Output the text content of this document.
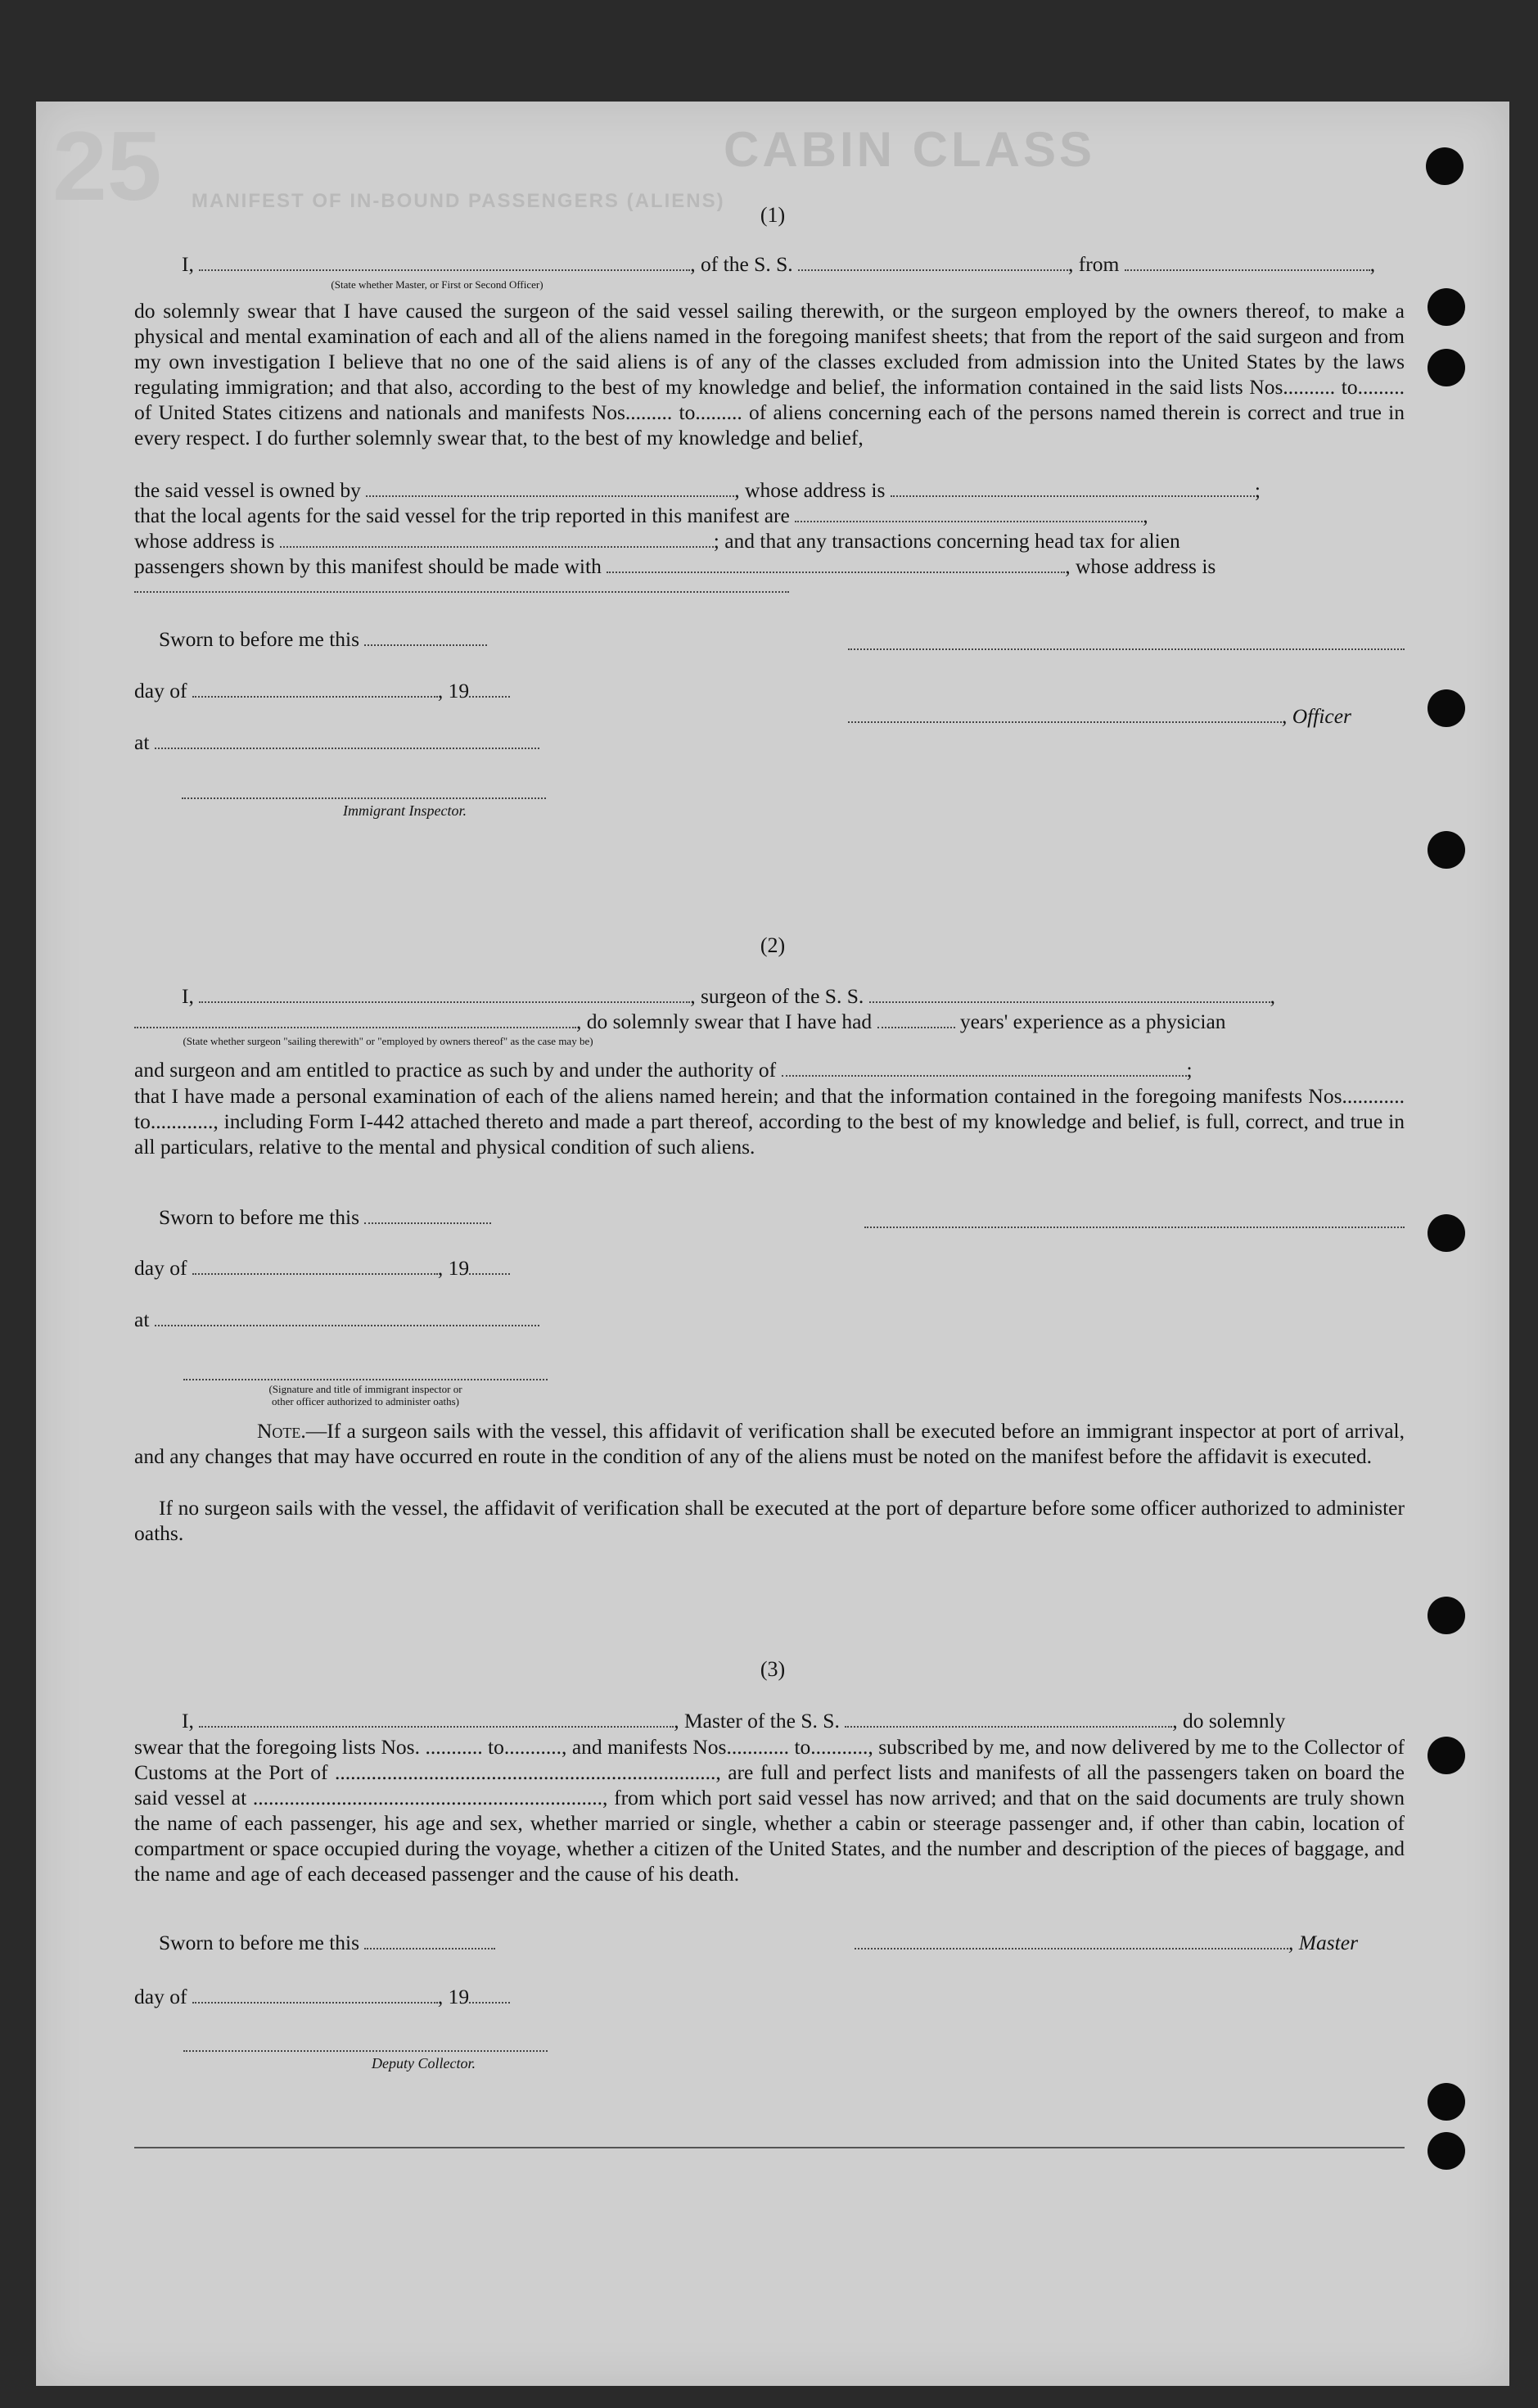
25	CABIN CLASS
MANIFEST OF IN-BOUND PASSENGERS (ALIENS)
(1)
I,	, of the S. S.	, from	,
(State whether Master, or First or Second Officer)
do solemnly swear that I have caused the surgeon of the said vessel sailing therewith, or the surgeon employed by the owners thereof, to make a physical and mental examination of each and all of the aliens named in the foregoing manifest sheets; that from the report of the said surgeon and from my own investigation I believe that no one of the said aliens is of any of the classes excluded from admission into the United States by the laws regulating immigration; and that also, according to the best of my knowledge and belief, the information contained in the said lists Nos.......... to......... of United States citizens and nationals and manifests Nos......... to......... of aliens concerning each of the persons named therein is correct and true in every respect. I do further solemnly swear that, to the best of my knowledge and belief,
the said vessel is owned by	, whose address is	;
that the local agents for the said vessel for the trip reported in this manifest are	,
whose address is	; and that any transactions concerning head tax for alien
passengers shown by this manifest should be made with	, whose address is
Sworn to before me this
day of	, 19
, Officer
at
Immigrant Inspector.
(2)
I,	, surgeon of the S. S.	,
, do solemnly swear that I have had	years' experience as a physician
(State whether surgeon "sailing therewith" or "employed by owners thereof" as the case may be)
and surgeon and am entitled to practice as such by and under the authority of	;
that I have made a personal examination of each of the aliens named herein; and that the information contained in the foregoing manifests Nos............ to............, including Form I-442 attached thereto and made a part thereof, according to the best of my knowledge and belief, is full, correct, and true in all particulars, relative to the mental and physical condition of such aliens.
Sworn to before me this
day of	, 19
at
(Signature and title of immigrant inspector or
other officer authorized to administer oaths)
Note.—If a surgeon sails with the vessel, this affidavit of verification shall be executed before an immigrant inspector at port of arrival, and any changes that may have occurred en route in the condition of any of the aliens must be noted on the manifest before the affidavit is executed.
If no surgeon sails with the vessel, the affidavit of verification shall be executed at the port of departure before some officer authorized to administer oaths.
(3)
I,	, Master of the S. S.	, do solemnly
swear that the foregoing lists Nos. ........... to..........., and manifests Nos............ to..........., subscribed by me, and now delivered by me to the Collector of Customs at the Port of ........................................................................., are full and perfect lists and manifests of all the passengers taken on board the said vessel at ..................................................................., from which port said vessel has now arrived; and that on the said documents are truly shown the name of each passenger, his age and sex, whether married or single, whether a cabin or steerage passenger and, if other than cabin, location of compartment or space occupied during the voyage, whether a citizen of the United States, and the number and description of the pieces of baggage, and the name and age of each deceased passenger and the cause of his death.
Sworn to before me this	, Master
day of	, 19
Deputy Collector.
